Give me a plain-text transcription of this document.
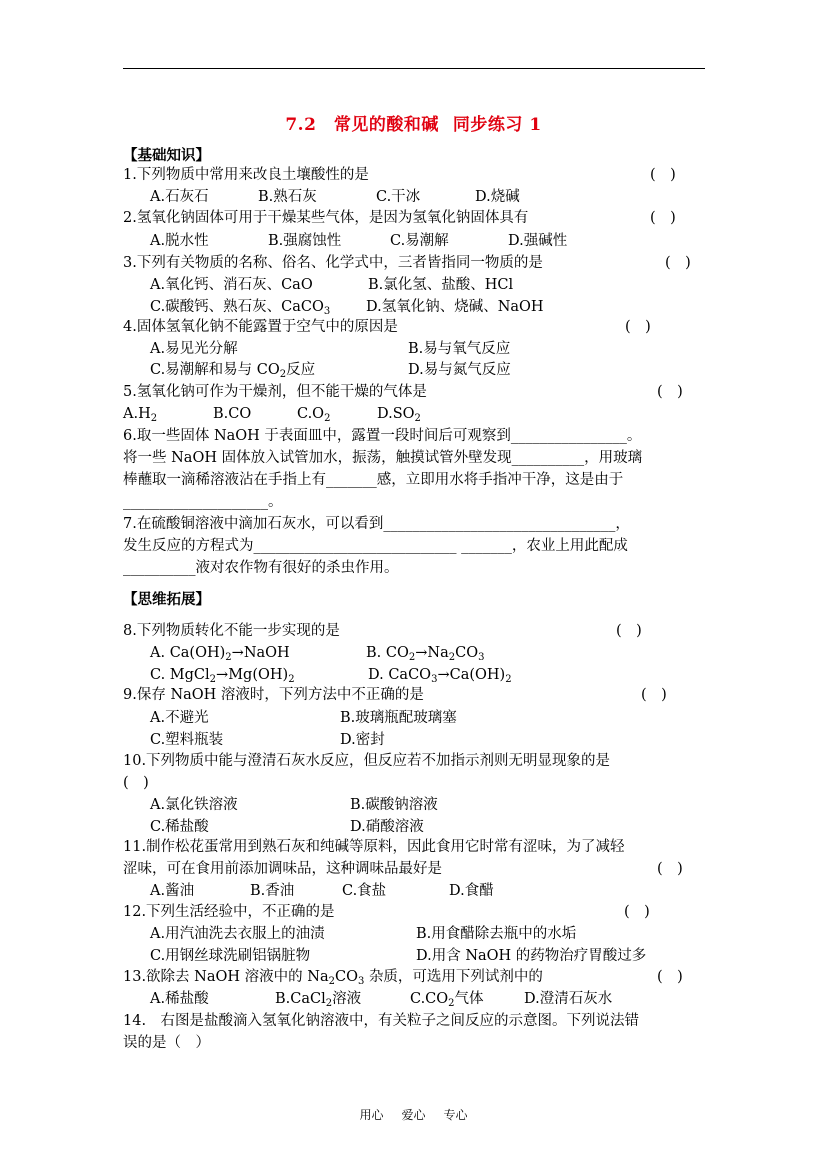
7.2　常见的酸和碱 同步练习 1
【基础知识】
1.下列物质中常用来改良土壤酸性的是	(　)
A.石灰石	B.熟石灰	C.干冰	D.烧碱
2.氢氧化钠固体可用于干燥某些气体，是因为氢氧化钠固体具有	(　)
A.脱水性	B.强腐蚀性	C.易潮解	D.强碱性
3.下列有关物质的名称、俗名、化学式中，三者皆指同一物质的是	(　)
A.氧化钙、消石灰、CaO	B.氯化氢、盐酸、HCl
C.碳酸钙、熟石灰、CaCO$_3$ D.氢氧化钠、烧碱、NaOH
4.固体氢氧化钠不能露置于空气中的原因是	(　)
A.易见光分解	B.易与氧气反应
C.易潮解和易与 $CO_2$反应	D.易与氮气反应
5.氢氧化钠可作为干燥剂，但不能干燥的气体是	(　)
$A.H_2$	B.CO	$C.O_2$	$D.SO_2$
6.取一些固体 NaOH 于表面皿中，露置一段时间后可观察到________________。
将一些 NaOH 固体放入试管加水，振荡，触摸试管外壁发现__________，用玻璃
棒蘸取一滴稀溶液沾在手指上有_______感，立即用水将手指冲干净，这是由于
____________________。
7.在硫酸铜溶液中滴加石灰水，可以看到________________________________，
发生反应的方程式为____________________________ _______，农业上用此配成
__________液对农作物有很好的杀虫作用。
【思维拓展】
8.下列物质转化不能一步实现的是	(　)
A. $Ca(OH)_2\to NaOH$	B. $CO_2\to Na_2CO_3$
C. $MgCl_2\to Mg(OH)_2$	D. $CaCO_3\to Ca(OH)_2$
9.保存 NaOH 溶液时，下列方法中不正确的是	(　)
A.不避光	B.玻璃瓶配玻璃塞
C.塑料瓶装	D.密封
10.下列物质中能与澄清石灰水反应，但反应若不加指示剂则无明显现象的是
(　)
A.氯化铁溶液	B.碳酸钠溶液
C.稀盐酸	D.硝酸溶液
11.制作松花蛋常用到熟石灰和纯碱等原料，因此食用它时常有涩味，为了减轻
涩味，可在食用前添加调味品，这种调味品最好是	(　)
A.酱油	B.香油	C.食盐	D.食醋
12.下列生活经验中，不正确的是	(　)
A.用汽油洗去衣服上的油渍	B.用食醋除去瓶中的水垢
C.用钢丝球洗刷铝锅脏物	D.用含 NaOH 的药物治疗胃酸过多
13.欲除去 NaOH 溶液中的 $Na_2CO_3$ 杂质，可选用下列试剂中的	(　)
A.稀盐酸	B.CaCl$_2$溶液	$C.CO_2$气体	D.澄清石灰水
14.　右图是盐酸滴入氢氧化钠溶液中，有关粒子之间反应的示意图。下列说法错
误的是（　）
用心 爱心 专心
